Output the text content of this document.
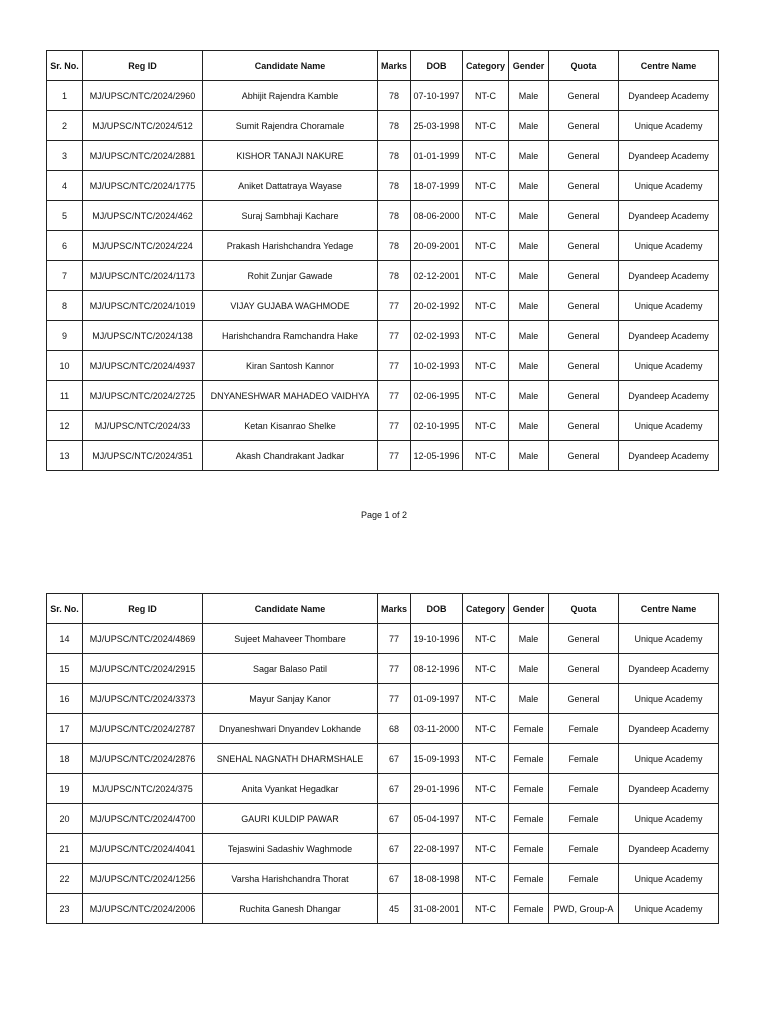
Sr. No.	Reg ID	Candidate Name	Marks	DOB	Category	Gender	Quota	Centre Name
1	MJ/UPSC/NTC/2024/2960	Abhijit Rajendra Kamble	78	07-10-1997	NT-C	Male	General	Dyandeep Academy
2	MJ/UPSC/NTC/2024/512	Sumit Rajendra Choramale	78	25-03-1998	NT-C	Male	General	Unique Academy
3	MJ/UPSC/NTC/2024/2881	KISHOR TANAJI NAKURE	78	01-01-1999	NT-C	Male	General	Dyandeep Academy
4	MJ/UPSC/NTC/2024/1775	Aniket Dattatraya Wayase	78	18-07-1999	NT-C	Male	General	Unique Academy
5	MJ/UPSC/NTC/2024/462	Suraj Sambhaji Kachare	78	08-06-2000	NT-C	Male	General	Dyandeep Academy
6	MJ/UPSC/NTC/2024/224	Prakash Harishchandra Yedage	78	20-09-2001	NT-C	Male	General	Unique Academy
7	MJ/UPSC/NTC/2024/1173	Rohit Zunjar Gawade	78	02-12-2001	NT-C	Male	General	Dyandeep Academy
8	MJ/UPSC/NTC/2024/1019	VIJAY GUJABA WAGHMODE	77	20-02-1992	NT-C	Male	General	Unique Academy
9	MJ/UPSC/NTC/2024/138	Harishchandra Ramchandra Hake	77	02-02-1993	NT-C	Male	General	Dyandeep Academy
10	MJ/UPSC/NTC/2024/4937	Kiran Santosh Kannor	77	10-02-1993	NT-C	Male	General	Unique Academy
11	MJ/UPSC/NTC/2024/2725	DNYANESHWAR MAHADEO VAIDHYA	77	02-06-1995	NT-C	Male	General	Dyandeep Academy
12	MJ/UPSC/NTC/2024/33	Ketan Kisanrao Shelke	77	02-10-1995	NT-C	Male	General	Unique Academy
13	MJ/UPSC/NTC/2024/351	Akash Chandrakant Jadkar	77	12-05-1996	NT-C	Male	General	Dyandeep Academy
Page 1 of 2
Sr. No.	Reg ID	Candidate Name	Marks	DOB	Category	Gender	Quota	Centre Name
14	MJ/UPSC/NTC/2024/4869	Sujeet Mahaveer Thombare	77	19-10-1996	NT-C	Male	General	Unique Academy
15	MJ/UPSC/NTC/2024/2915	Sagar Balaso Patil	77	08-12-1996	NT-C	Male	General	Dyandeep Academy
16	MJ/UPSC/NTC/2024/3373	Mayur Sanjay Kanor	77	01-09-1997	NT-C	Male	General	Unique Academy
17	MJ/UPSC/NTC/2024/2787	Dnyaneshwari Dnyandev Lokhande	68	03-11-2000	NT-C	Female	Female	Dyandeep Academy
18	MJ/UPSC/NTC/2024/2876	SNEHAL NAGNATH DHARMSHALE	67	15-09-1993	NT-C	Female	Female	Unique Academy
19	MJ/UPSC/NTC/2024/375	Anita Vyankat Hegadkar	67	29-01-1996	NT-C	Female	Female	Dyandeep Academy
20	MJ/UPSC/NTC/2024/4700	GAURI KULDIP PAWAR	67	05-04-1997	NT-C	Female	Female	Unique Academy
21	MJ/UPSC/NTC/2024/4041	Tejaswini Sadashiv Waghmode	67	22-08-1997	NT-C	Female	Female	Dyandeep Academy
22	MJ/UPSC/NTC/2024/1256	Varsha Harishchandra Thorat	67	18-08-1998	NT-C	Female	Female	Unique Academy
23	MJ/UPSC/NTC/2024/2006	Ruchita Ganesh Dhangar	45	31-08-2001	NT-C	Female	PWD, Group-A	Unique Academy
